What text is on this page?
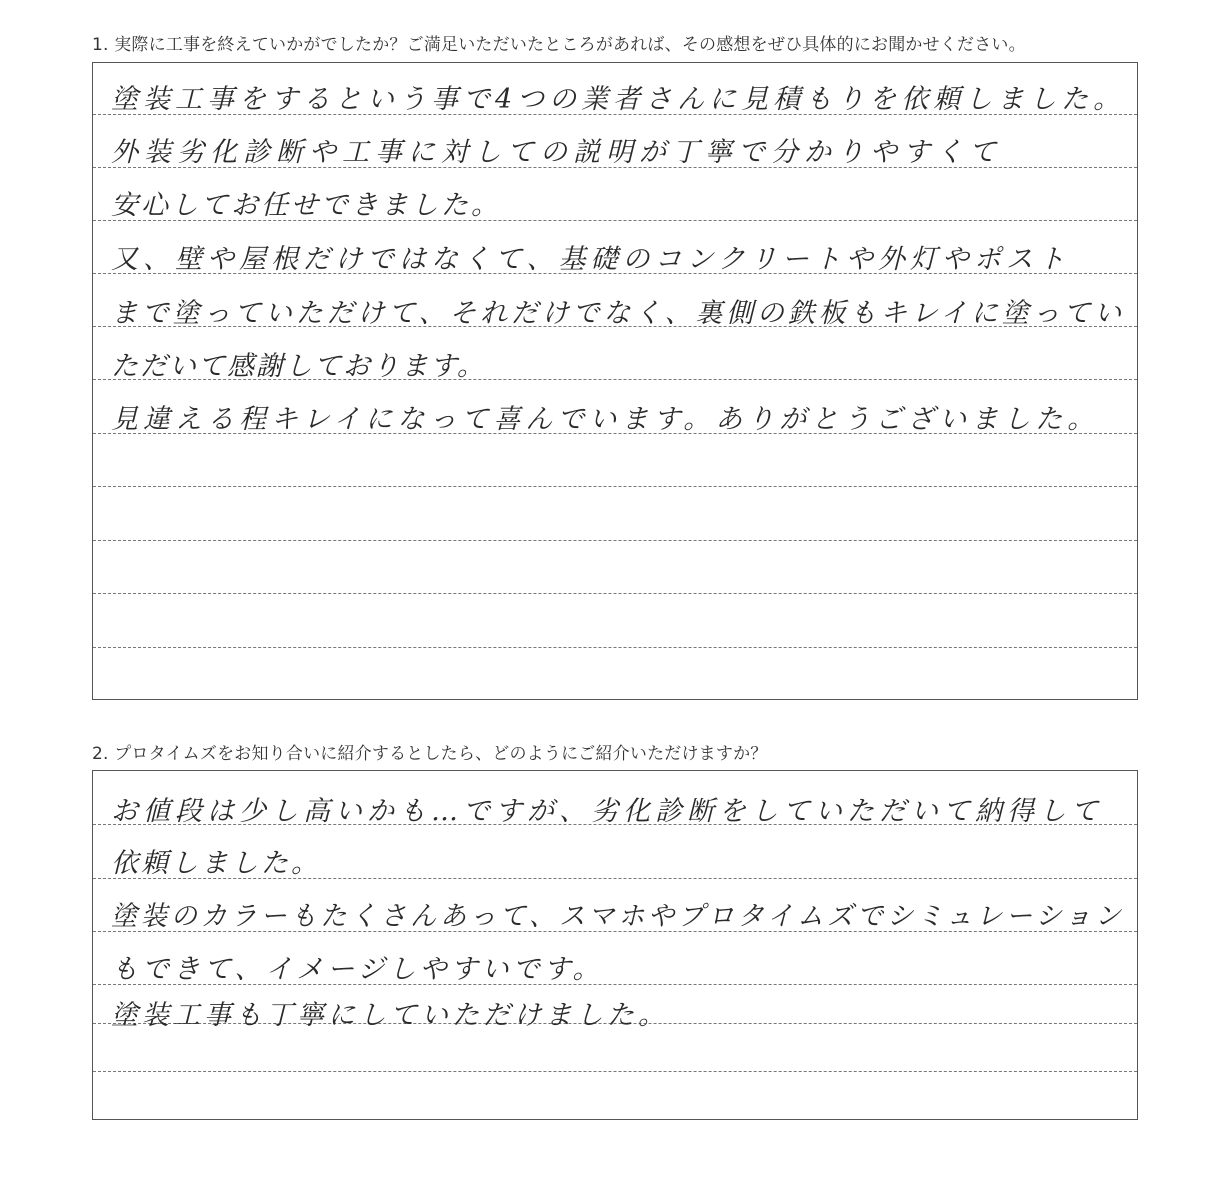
1. 実際に工事を終えていかがでしたか？ご満足いただいたところがあれば、その感想をぜひ具体的にお聞かせください。
塗装工事をするという事で4つの業者さんに見積もりを依頼しました。
外装劣化診断や工事に対しての説明が丁寧で分かりやすくて
安心してお任せできました。
又、壁や屋根だけではなくて、基礎のコンクリートや外灯やポスト
まで塗っていただけて、それだけでなく、裏側の鉄板もキレイに塗ってい
ただいて感謝しております。
見違える程キレイになって喜んでいます。ありがとうございました。
2. プロタイムズをお知り合いに紹介するとしたら、どのようにご紹介いただけますか？
お値段は少し高いかも…ですが、劣化診断をしていただいて納得して
依頼しました。
塗装のカラーもたくさんあって、スマホやプロタイムズでシミュレーション
もできて、イメージしやすいです。
塗装工事も丁寧にしていただけました。
